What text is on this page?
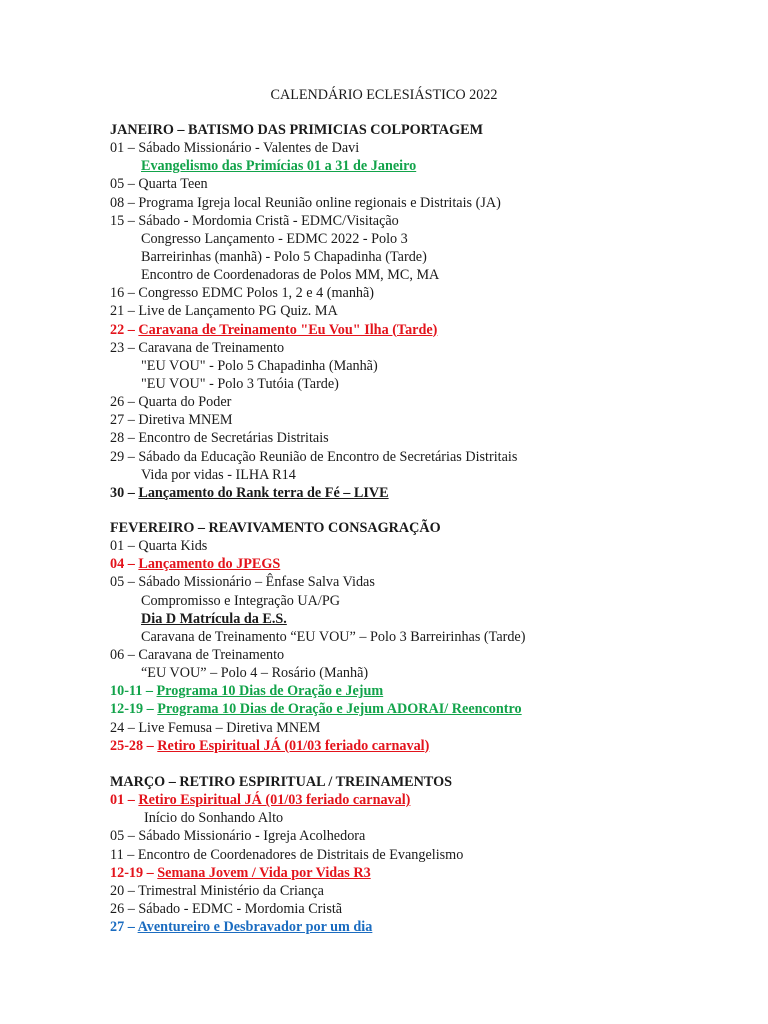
CALENDÁRIO ECLESIÁSTICO 2022
JANEIRO – BATISMO DAS PRIMICIAS COLPORTAGEM
01 – Sábado Missionário - Valentes de Davi
Evangelismo das Primícias 01 a 31 de Janeiro
05 – Quarta Teen
08 – Programa Igreja local Reunião online regionais e Distritais (JA)
15 – Sábado - Mordomia Cristã - EDMC/Visitação
Congresso Lançamento - EDMC 2022 - Polo 3
Barreirinhas (manhã) - Polo 5 Chapadinha (Tarde)
Encontro de Coordenadoras de Polos MM, MC, MA
16 – Congresso EDMC Polos 1, 2 e 4 (manhã)
21 – Live de Lançamento PG Quiz. MA
22 – Caravana de Treinamento "Eu Vou" Ilha (Tarde)
23 – Caravana de Treinamento
"EU VOU" - Polo 5 Chapadinha (Manhã)
"EU VOU" - Polo 3 Tutóia (Tarde)
26 – Quarta do Poder
27 – Diretiva MNEM
28 – Encontro de Secretárias Distritais
29 – Sábado da Educação Reunião de Encontro de Secretárias Distritais
Vida por vidas - ILHA R14
30 – Lançamento do Rank terra de Fé – LIVE
FEVEREIRO – REAVIVAMENTO CONSAGRAÇÃO
01 – Quarta Kids
04 – Lançamento do JPEGS
05 – Sábado Missionário – Ênfase Salva Vidas
Compromisso e Integração UA/PG
Dia D Matrícula da E.S.
Caravana de Treinamento “EU VOU” – Polo 3 Barreirinhas (Tarde)
06 – Caravana de Treinamento
“EU VOU” – Polo 4 – Rosário (Manhã)
10-11 – Programa 10 Dias de Oração e Jejum
12-19 – Programa 10 Dias de Oração e Jejum ADORAI/ Reencontro
24 – Live Femusa – Diretiva MNEM
25-28 – Retiro Espiritual JÁ (01/03 feriado carnaval)
MARÇO – RETIRO ESPIRITUAL / TREINAMENTOS
01 – Retiro Espiritual JÁ (01/03 feriado carnaval)
Início do Sonhando Alto
05 – Sábado Missionário - Igreja Acolhedora
11 – Encontro de Coordenadores de Distritais de Evangelismo
12-19 – Semana Jovem / Vida por Vidas R3
20 – Trimestral Ministério da Criança
26 – Sábado - EDMC - Mordomia Cristã
27 – Aventureiro e Desbravador por um dia
